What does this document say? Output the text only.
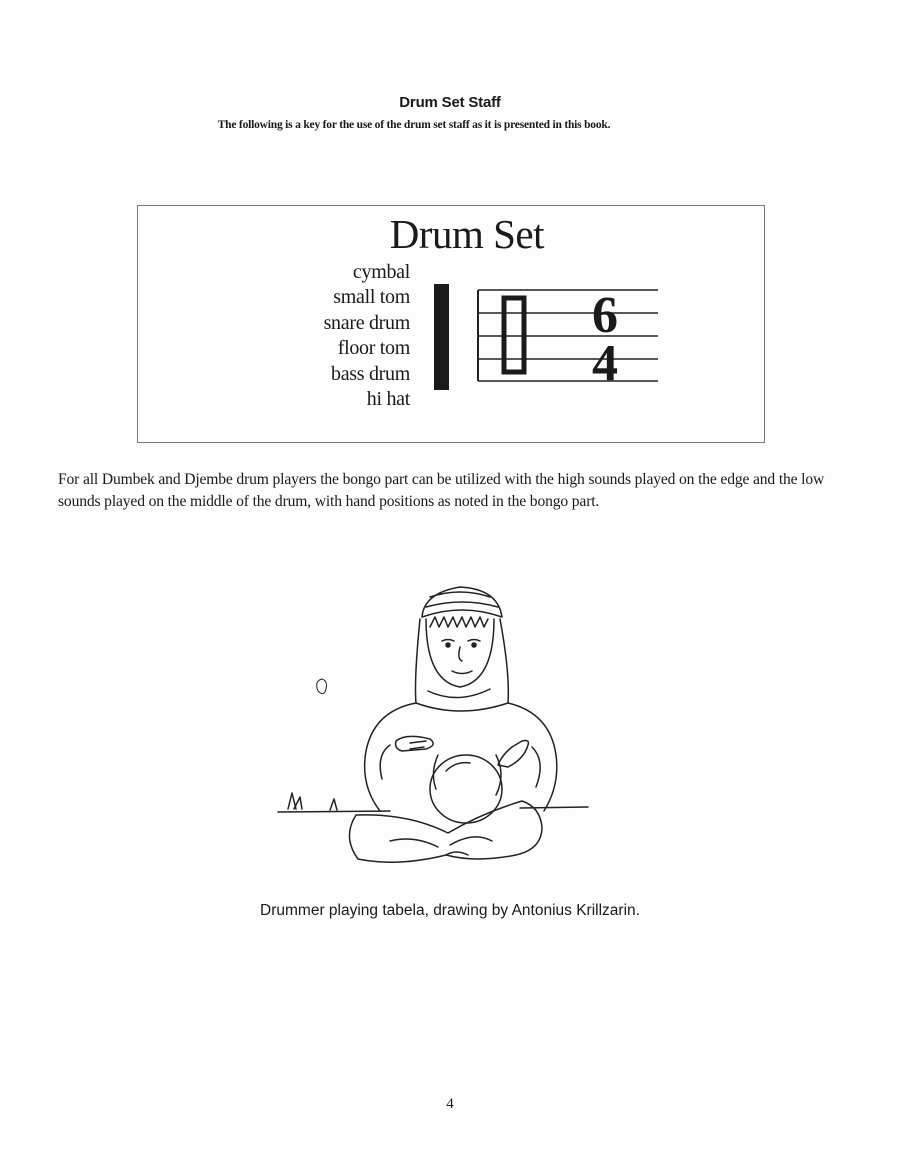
Drum Set Staff
The following is a key for the use of the drum set staff as it is presented in this book.
Drum Set
cymbal
small tom
snare drum
floor tom
bass drum
hi hat
6
4

For all Dumbek and Djembe drum players the bongo part can be utilized with the high sounds played on the edge and the low sounds played on the middle of the drum, with hand positions as noted in the bongo part.

Drummer playing tabela, drawing by Antonius Krillzarin.
4
